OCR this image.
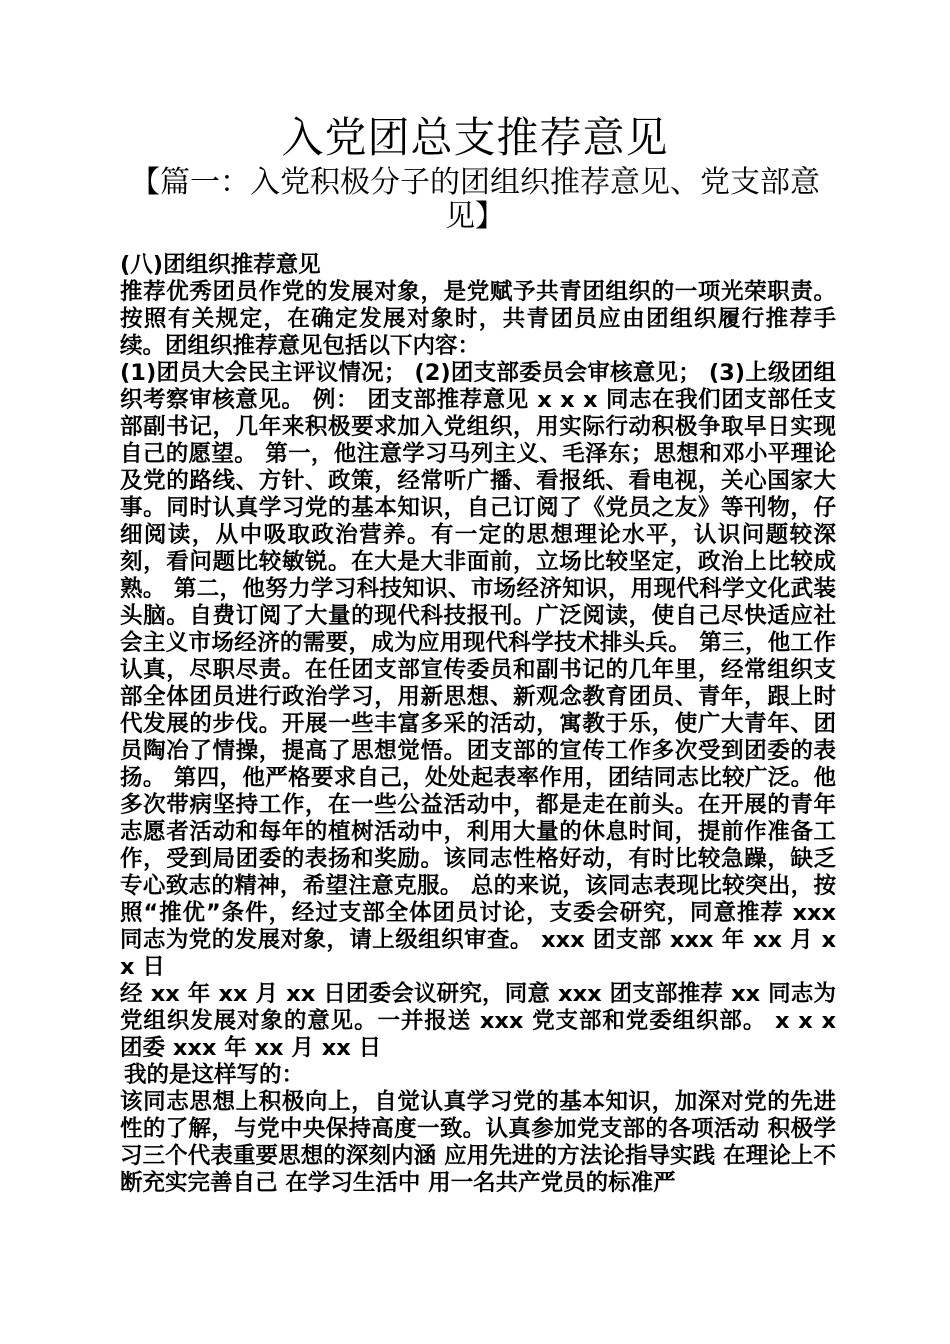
入党团总支推荐意见
【篇一：入党积极分子的团组织推荐意见、党支部意见】

(八)团组织推荐意见

推荐优秀团员作党的发展对象，是党赋予共青团组织的一项光荣职责。按照有关规定，在确定发展对象时，共青团员应由团组织履行推荐手续。团组织推荐意见包括以下内容：

(1)团员大会民主评议情况； (2)团支部委员会审核意见； (3)上级团组织考察审核意见。 例： 团支部推荐意见 x x x 同志在我们团支部任支部副书记，几年来积极要求加入党组织，用实际行动积极争取早日实现自己的愿望。 第一，他注意学习马列主义、毛泽东；思想和邓小平理论及党的路线、方针、政策，经常听广播、看报纸、看电视，关心国家大事。同时认真学习党的基本知识，自己订阅了《党员之友》等刊物，仔细阅读，从中吸取政治营养。有一定的思想理论水平，认识问题较深刻，看问题比较敏锐。在大是大非面前，立场比较坚定，政治上比较成熟。 第二，他努力学习科技知识、市场经济知识，用现代科学文化武装头脑。自费订阅了大量的现代科技报刊。广泛阅读，使自己尽快适应社会主义市场经济的需要，成为应用现代科学技术排头兵。 第三，他工作认真，尽职尽责。在任团支部宣传委员和副书记的几年里，经常组织支部全体团员进行政治学习，用新思想、新观念教育团员、青年，跟上时代发展的步伐。开展一些丰富多采的活动，寓教于乐，使广大青年、团员陶冶了情操，提高了思想觉悟。团支部的宣传工作多次受到团委的表扬。 第四，他严格要求自己，处处起表率作用，团结同志比较广泛。他多次带病坚持工作，在一些公益活动中，都是走在前头。在开展的青年志愿者活动和每年的植树活动中，利用大量的休息时间，提前作准备工作，受到局团委的表扬和奖励。该同志性格好动，有时比较急躁，缺乏专心致志的精神，希望注意克服。 总的来说，该同志表现比较突出，按照“推优”条件，经过支部全体团员讨论，支委会研究，同意推荐 xxx 同志为党的发展对象，请上级组织审查。 xxx 团支部 xxx 年 xx 月 xx 日

经 xx 年 xx 月 xx 日团委会议研究，同意 xxx 团支部推荐 xx 同志为党组织发展对象的意见。一并报送 xxx 党支部和党委组织部。 x x x 团委 xxx 年 xx 月 xx 日

我的是这样写的：

该同志思想上积极向上，自觉认真学习党的基本知识，加深对党的先进性的了解，与党中央保持高度一致。认真参加党支部的各项活动 积极学习三个代表重要思想的深刻内涵 应用先进的方法论指导实践 在理论上不断充实完善自己 在学习生活中 用一名共产党员的标准严
